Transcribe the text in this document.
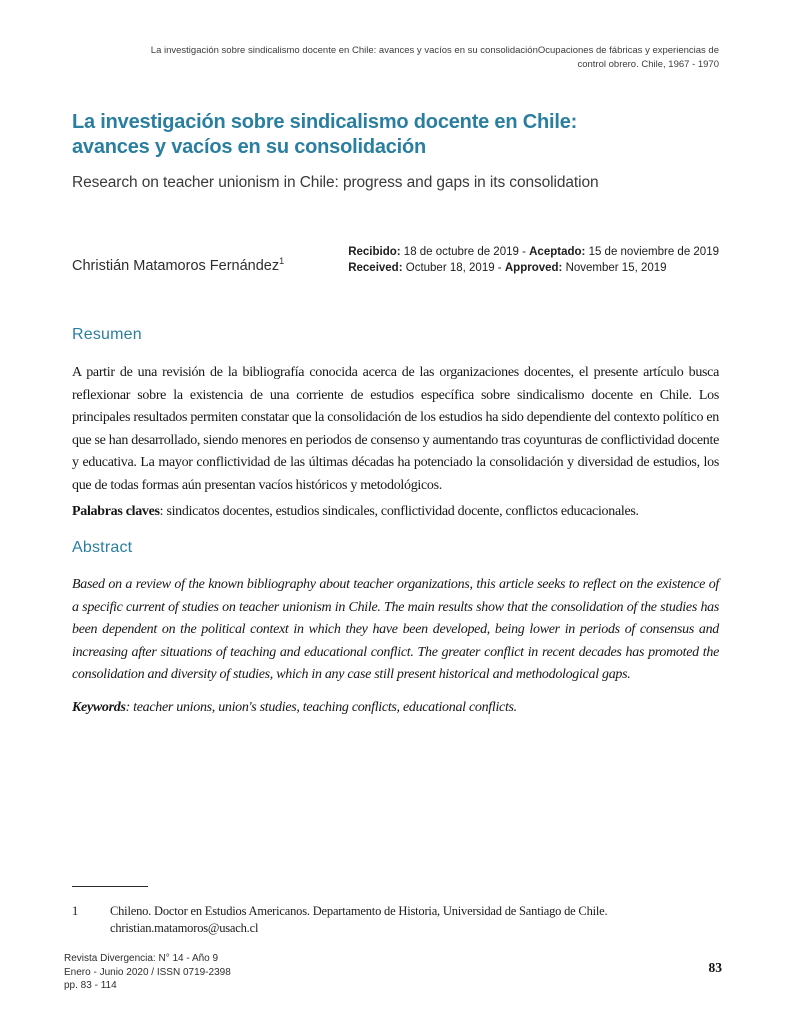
La investigación sobre sindicalismo docente en Chile: avances y vacíos en su consolidaciónOcupaciones de fábricas y experiencias de control obrero. Chile, 1967 - 1970
La investigación sobre sindicalismo docente en Chile:
avances y vacíos en su consolidación
Research on teacher unionism in Chile: progress and gaps in its consolidation
Christián Matamoros Fernández$^1$
Recibido: 18 de octubre de 2019 - Aceptado: 15 de noviembre de 2019
Received: Octuber 18, 2019 - Approved: November 15, 2019
Resumen

A partir de una revisión de la bibliografía conocida acerca de las organizaciones docentes, el presente artículo busca reflexionar sobre la existencia de una corriente de estudios específica sobre sindicalismo docente en Chile. Los principales resultados permiten constatar que la consolidación de los estudios ha sido dependiente del contexto político en que se han desarrollado, siendo menores en periodos de consenso y aumentando tras coyunturas de conflictividad docente y educativa. La mayor conflictividad de las últimas décadas ha potenciado la consolidación y diversidad de estudios, los que de todas formas aún presentan vacíos históricos y metodológicos.

Palabras claves: sindicatos docentes, estudios sindicales, conflictividad docente, conflictos educacionales.

Abstract

Based on a review of the known bibliography about teacher organizations, this article seeks to reflect on the existence of a specific current of studies on teacher unionism in Chile. The main results show that the consolidation of the studies has been dependent on the political context in which they have been developed, being lower in periods of consensus and increasing after situations of teaching and educational conflict. The greater conflict in recent decades has promoted the consolidation and diversity of studies, which in any case still present historical and methodological gaps.

Keywords: teacher unions, union's studies, teaching conflicts, educational conflicts.

1	Chileno. Doctor en Estudios Americanos. Departamento de Historia, Universidad de Santiago de Chile. christian.matamoros@usach.cl
Revista Divergencia: N° 14 - Año 9
Enero - Junio 2020 / ISSN 0719-2398
pp. 83 - 114
83
